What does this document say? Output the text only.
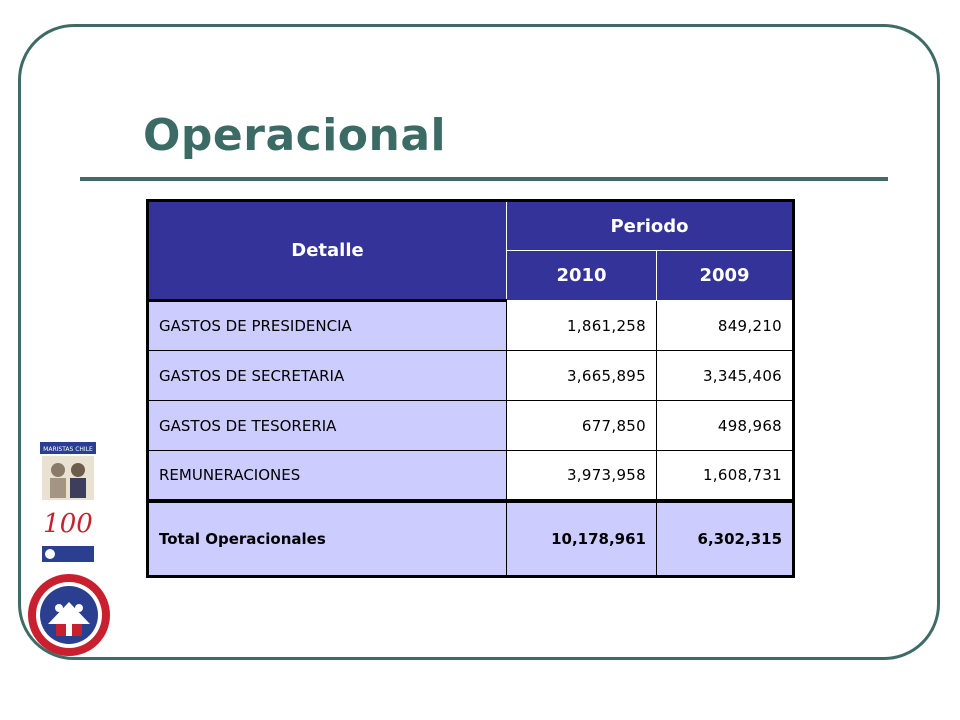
Operacional
Detalle	Periodo	
	2010	2009
GASTOS DE PRESIDENCIA	1,861,258	849,210
GASTOS DE SECRETARIA	3,665,895	3,345,406
GASTOS DE TESORERIA	677,850	498,968
REMUNERACIONES	3,973,958	1,608,731
Total Operacionales	10,178,961	6,302,315
MARISTAS CHILE
100
